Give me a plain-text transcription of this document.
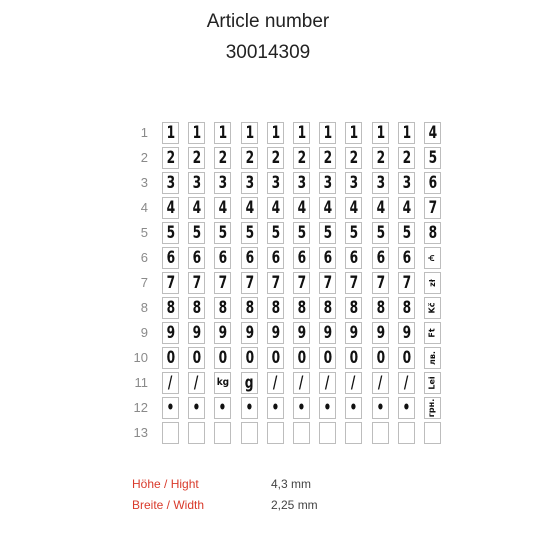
Article number
30014309
1
2
3
4
5
6
7
8
9
10
11
12
13
1
2
3
4
5
6
7
8
9
0
/
•
1
2
3
4
5
6
7
8
9
0
/
•
1
2
3
4
5
6
7
8
9
0
kg
•
1
2
3
4
5
6
7
8
9
0
g
•
1
2
3
4
5
6
7
8
9
0
/
•
1
2
3
4
5
6
7
8
9
0
/
•
1
2
3
4
5
6
7
8
9
0
/
•
1
2
3
4
5
6
7
8
9
0
/
•
1
2
3
4
5
6
7
8
9
0
/
•
1
2
3
4
5
6
7
8
9
0
/
•
4
5
6
7
8
₼
zł
Kč
Ft
лв.
Lei
грн.
Höhe / Hight	4,3 mm
Breite / Width	2,25 mm
